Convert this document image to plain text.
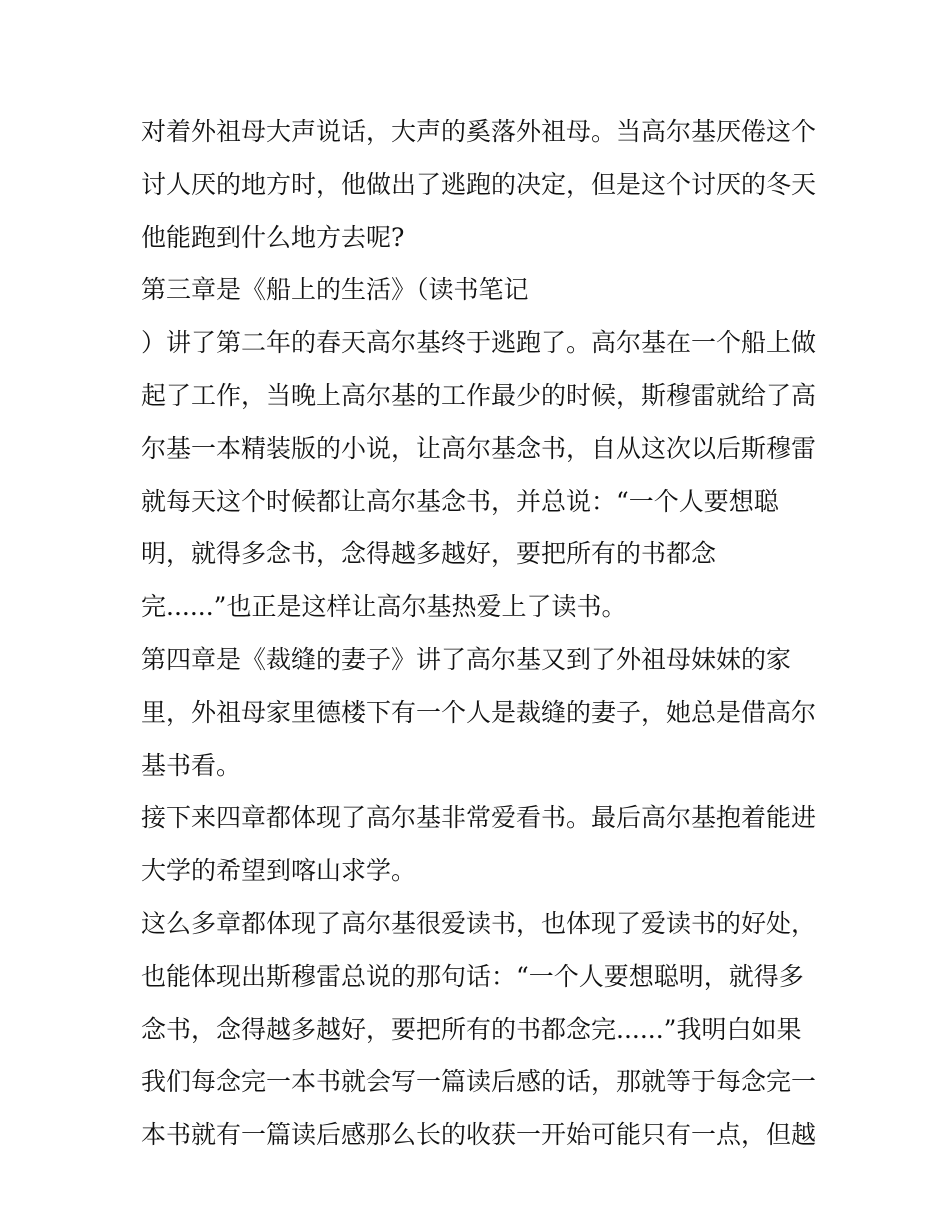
对着外祖母大声说话，大声的奚落外祖母。当高尔基厌倦这个
讨人厌的地方时，他做出了逃跑的决定，但是这个讨厌的冬天
他能跑到什么地方去呢?
第三章是《船上的生活》（读书笔记
）讲了第二年的春天高尔基终于逃跑了。高尔基在一个船上做
起了工作，当晚上高尔基的工作最少的时候，斯穆雷就给了高
尔基一本精装版的小说，让高尔基念书，自从这次以后斯穆雷
就每天这个时候都让高尔基念书，并总说：“一个人要想聪
明，就得多念书，念得越多越好，要把所有的书都念
完......”也正是这样让高尔基热爱上了读书。
第四章是《裁缝的妻子》讲了高尔基又到了外祖母妹妹的家
里，外祖母家里德楼下有一个人是裁缝的妻子，她总是借高尔
基书看。
接下来四章都体现了高尔基非常爱看书。最后高尔基抱着能进
大学的希望到喀山求学。
这么多章都体现了高尔基很爱读书，也体现了爱读书的好处，
也能体现出斯穆雷总说的那句话：“一个人要想聪明，就得多
念书，念得越多越好，要把所有的书都念完......”我明白如果
我们每念完一本书就会写一篇读后感的话，那就等于每念完一
本书就有一篇读后感那么长的收获一开始可能只有一点，但越
